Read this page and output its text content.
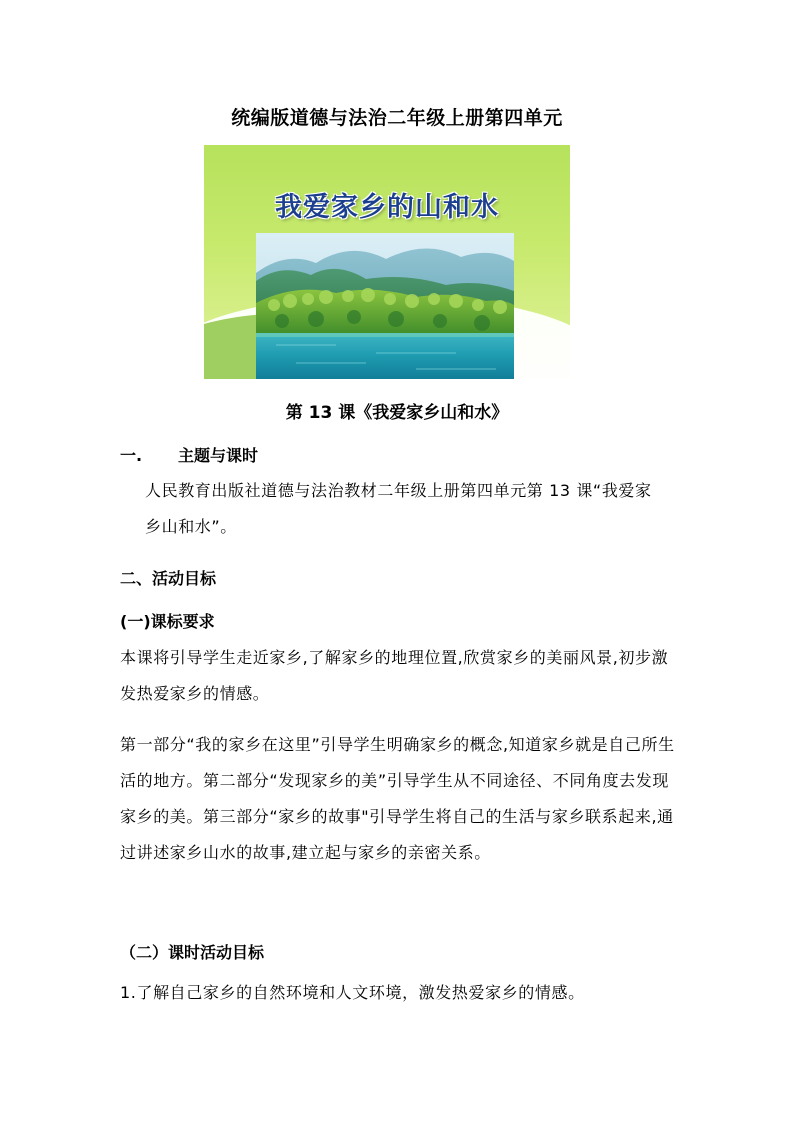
统编版道德与法治二年级上册第四单元
我爱家乡的山和水
第 13 课《我爱家乡山和水》
一. 主题与课时

人民教育出版社道德与法治教材二年级上册第四单元第 13 课“我爱家乡山和水”。

二、活动目标
(一)课标要求

本课将引导学生走近家乡,了解家乡的地理位置,欣赏家乡的美丽风景,初步激发热爱家乡的情感。

第一部分“我的家乡在这里”引导学生明确家乡的概念,知道家乡就是自己所生活的地方。第二部分“发现家乡的美”引导学生从不同途径、不同角度去发现家乡的美。第三部分“家乡的故事"引导学生将自己的生活与家乡联系起来,通过讲述家乡山水的故事,建立起与家乡的亲密关系。

（二）课时活动目标

1.了解自己家乡的自然环境和人文环境，激发热爱家乡的情感。
